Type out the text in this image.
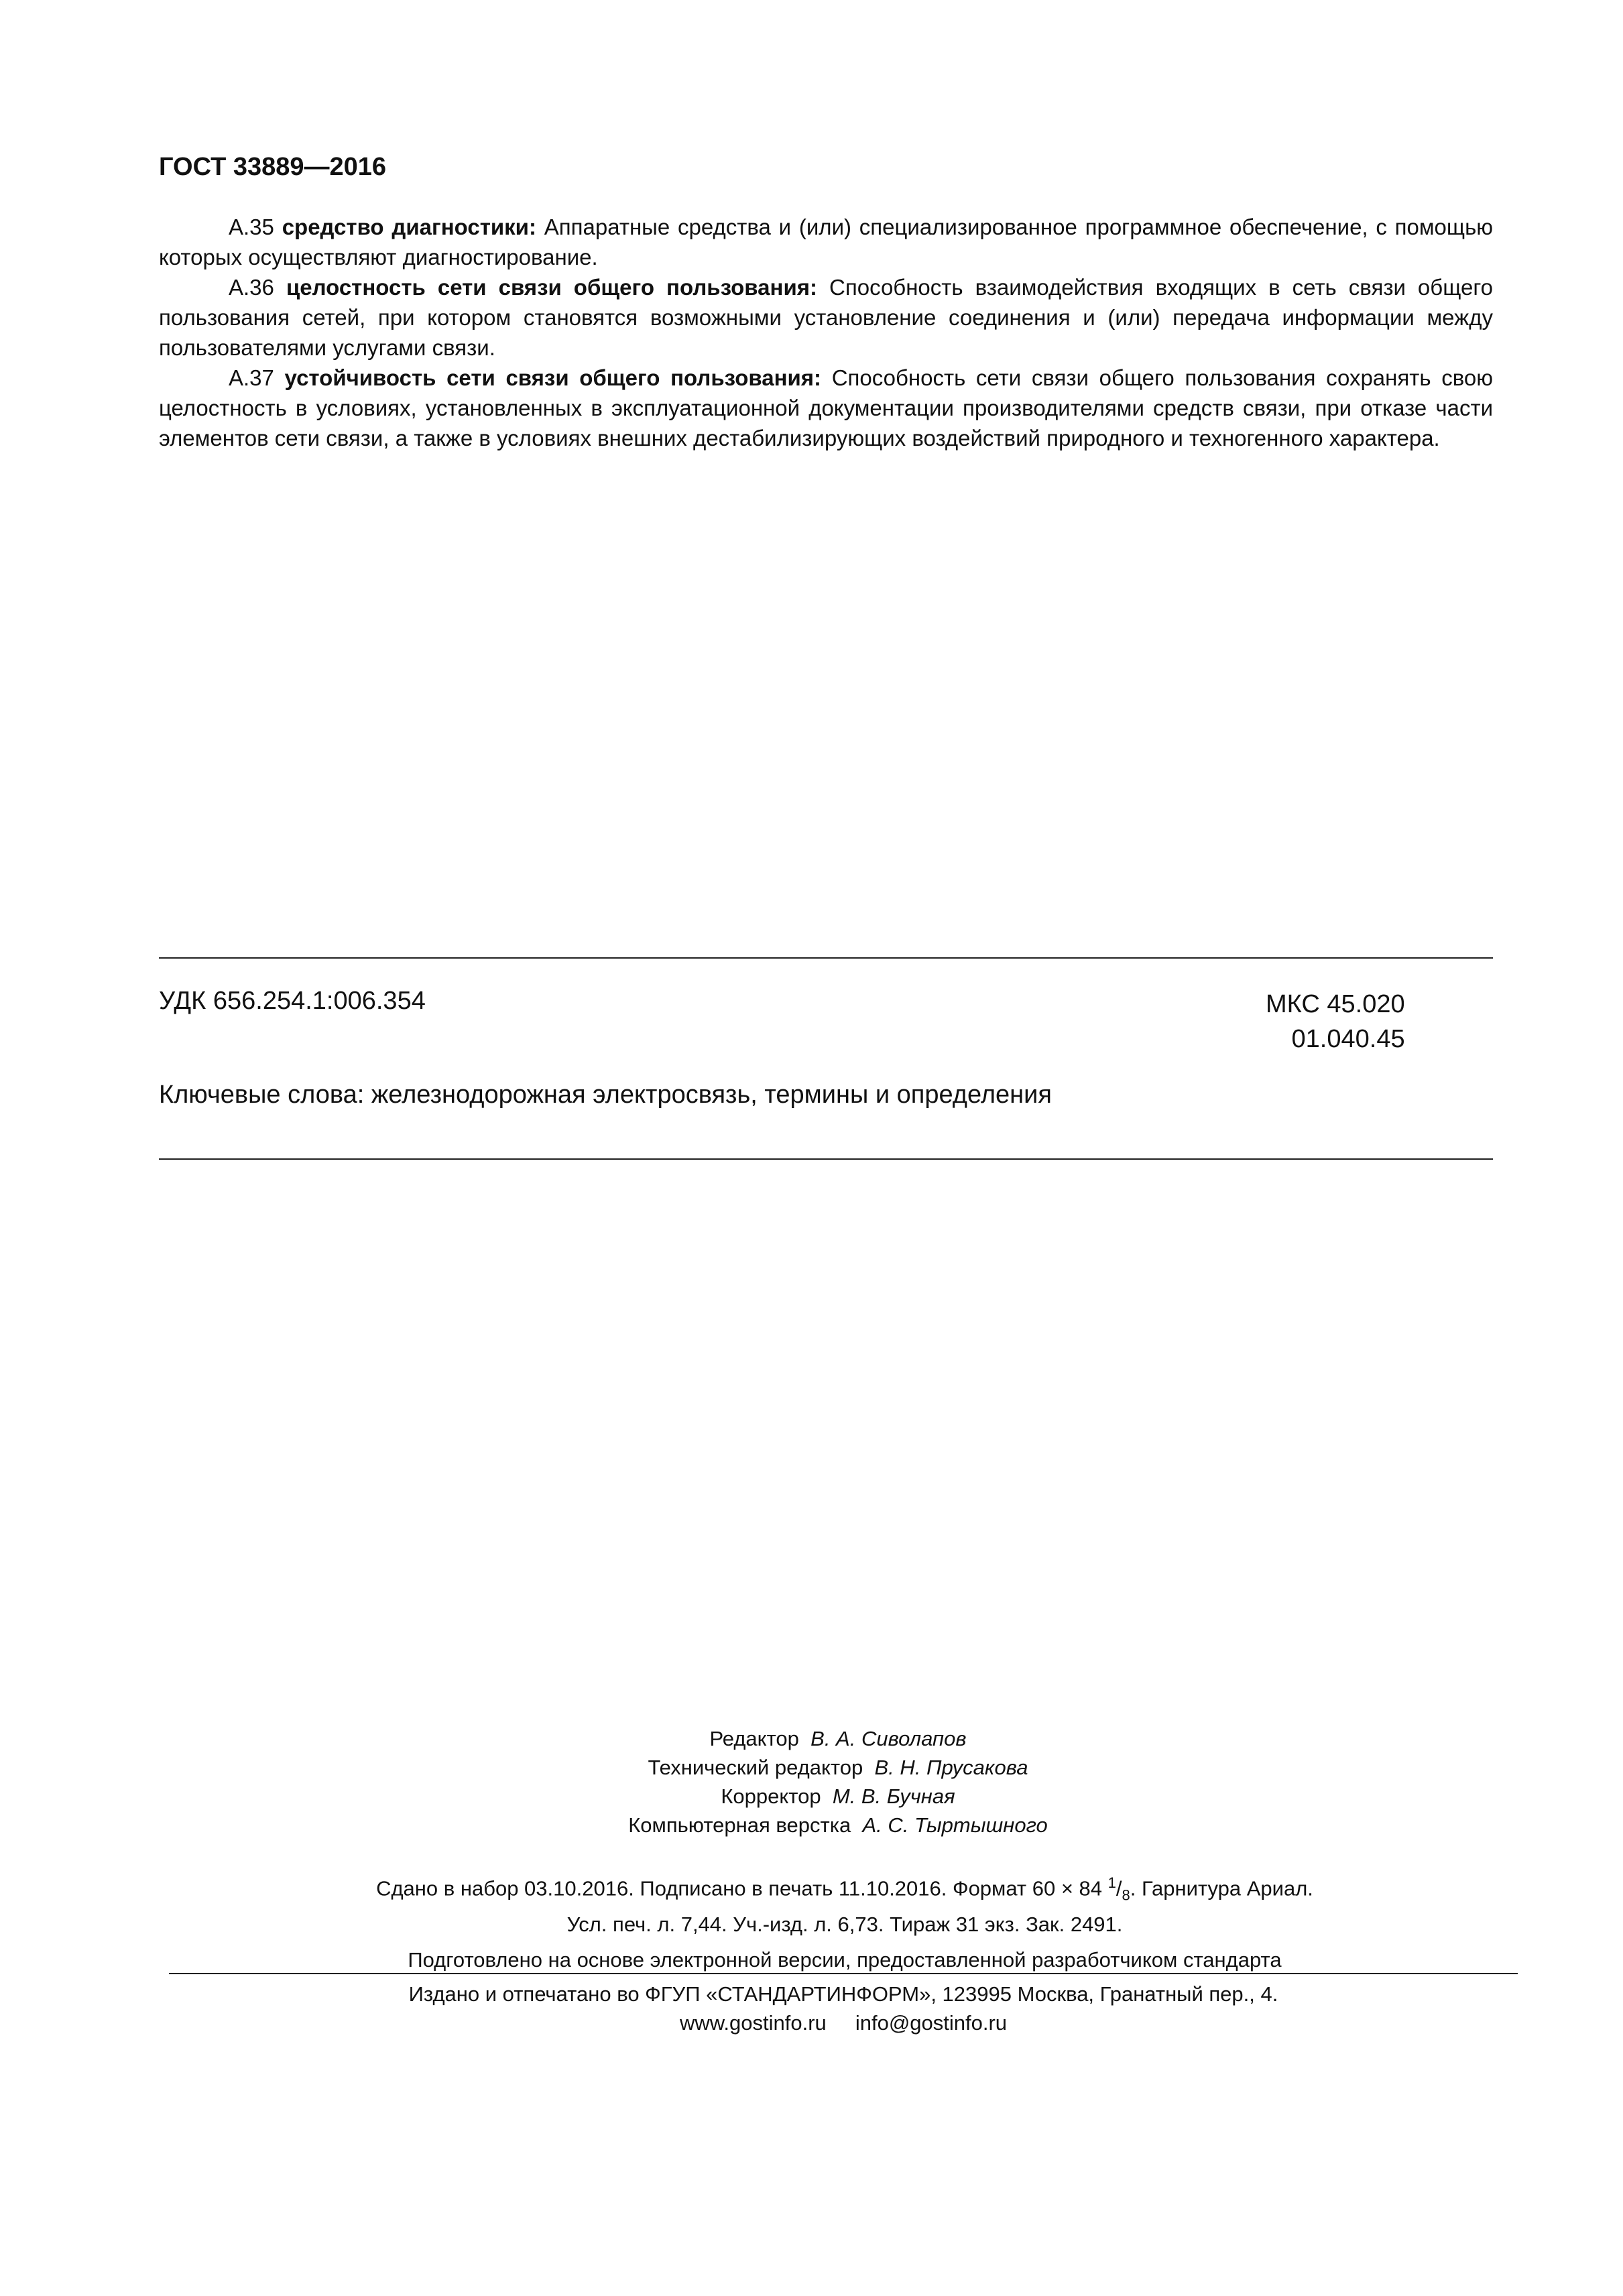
ГОСТ 33889—2016

А.35 средство диагностики: Аппаратные средства и (или) специализированное программное обеспечение, с помощью которых осуществляют диагностирование.

А.36 целостность сети связи общего пользования: Способность взаимодействия входящих в сеть связи общего пользования сетей, при котором становятся возможными установление соединения и (или) передача информации между пользователями услугами связи.

А.37 устойчивость сети связи общего пользования: Способность сети связи общего пользования сохранять свою целостность в условиях, установленных в эксплуатационной документации производителями средств связи, при отказе части элементов сети связи, а также в условиях внешних дестабилизирующих воздействий природного и техногенного характера.

УДК 656.254.1:006.354	МКС 45.020
01.040.45
Ключевые слова: железнодорожная электросвязь, термины и определения
Редактор В. А. Сиволапов
Технический редактор В. Н. Прусакова
Корректор М. В. Бучная
Компьютерная верстка А. С. Тыртышного
Сдано в набор 03.10.2016. Подписано в печать 11.10.2016. Формат 60 × 84 $^1/_8$. Гарнитура Ариал.
Усл. печ. л. 7,44. Уч.-изд. л. 6,73. Тираж 31 экз. Зак. 2491.
Подготовлено на основе электронной версии, предоставленной разработчиком стандарта
Издано и отпечатано во ФГУП «СТАНДАРТИНФОРМ», 123995 Москва, Гранатный пер., 4.
www.gostinfo.ru info@gostinfo.ru
